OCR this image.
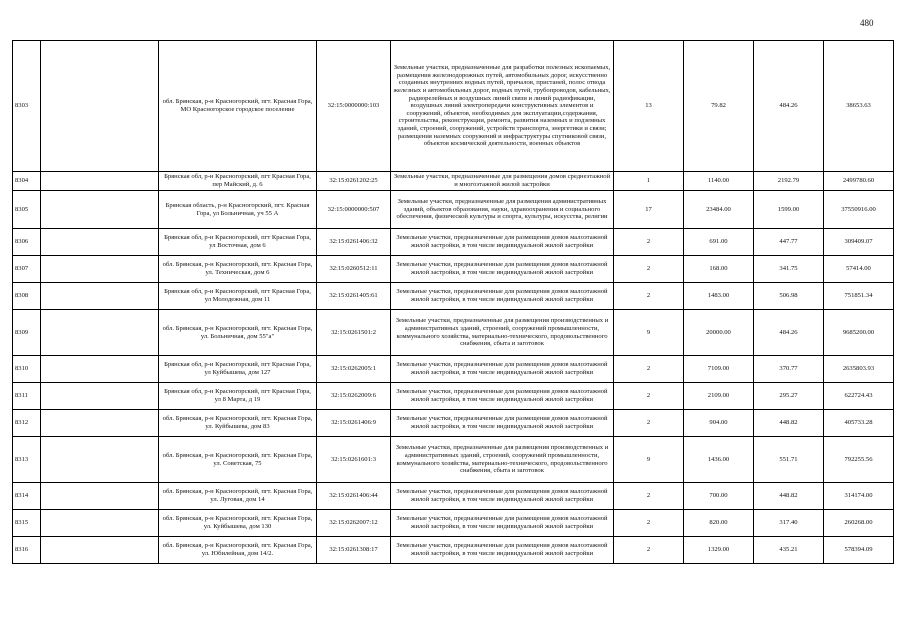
480
8303		обл. Брянская, р-н Красногорский, пгт. Красная Гора, МО Красногорское городское поселение	32:15:0000000:103	Земельные участки, предназначенные для разработки полезных ископаемых, размещения железнодорожных путей, автомобильных дорог, искусственно созданных внутренних водных путей, причалов, пристаней, полос отвода железных и автомобильных дорог, водных путей, трубопроводов, кабельных, радиорелейных и воздушных линий связи и линий радиофикации, воздушных линий электропередачи конструктивных элементов и сооружений, объектов, необходимых для эксплуатации,содержания, строительства, реконструкции, ремонта, развития наземных и подземных зданий, строений, сооружений, устройств транспорта, энергетики и связи; размещения наземных сооружений и инфраструктуры спутниковой связи, объектов космической деятельности, военных объектов	13	79.82	484.26	38653.63
8304		Брянская обл, р-н Красногорский, пгт Красная Гора, пер Майский, д. 6	32:15:0261202:25	Земельные участки, предназначенные для размещения домов среднеэтажной и многоэтажной жилой застройки	1	1140.00	2192.79	2499780.60
8305		Брянская область, р-н Красногорский, пгт. Красная Гора, ул Больничная, уч 55 А	32:15:0000000:507	Земельные участки, предназначенные для размещения административных зданий, объектов образования, науки, здравоохранения и социального обеспечения, физической культуры и спорта, культуры, искусства, религии	17	23484.00	1599.00	37550916.00
8306		Брянская обл, р-н Красногорский, пгт Красная Гора, ул Восточная, дом 6	32:15:0261406:32	Земельные участки, предназначенные для размещения домов малоэтажной жилой застройки, в том числе индивидуальной жилой застройки	2	691.00	447.77	309409.07
8307		обл. Брянская, р-н Красногорский, пгт. Красная Гора, ул. Техническая, дом 6	32:15:0260512:11	Земельные участки, предназначенные для размещения домов малоэтажной жилой застройки, в том числе индивидуальной жилой застройки	2	168.00	341.75	57414.00
8308		Брянская обл, р-н Красногорский, пгт Красная Гора, ул Молодежная, дом 11	32:15:0261405:61	Земельные участки, предназначенные для размещения домов малоэтажной жилой застройки, в том числе индивидуальной жилой застройки	2	1483.00	506.98	751851.34
8309		обл. Брянская, р-н Красногорский, пгт. Красная Гора, ул. Больничная, дом 55"а"	32:15:0261501:2	Земельные участки, предназначенные для размещения производственных и административных зданий, строений, сооружений промышленности, коммунального хозяйства, материально-технического, продовольственного снабжения, сбыта и заготовок	9	20000.00	484.26	9685200.00
8310		Брянская обл, р-н Красногорский, пгт Красная Гора, ул Куйбышева, дом 127	32:15:0262005:1	Земельные участки, предназначенные для размещения домов малоэтажной жилой застройки, в том числе индивидуальной жилой застройки	2	7109.00	370.77	2635803.93
8311		Брянская обл, р-н Красногорский, пгт Красная Гора, ул 8 Марта, д 19	32:15:0262009:6	Земельные участки, предназначенные для размещения домов малоэтажной жилой застройки, в том числе индивидуальной жилой застройки	2	2109.00	295.27	622724.43
8312		обл. Брянская, р-н Красногорский, пгт. Красная Гора, ул. Куйбышева, дом 83	32:15:0261406:9	Земельные участки, предназначенные для размещения домов малоэтажной жилой застройки, в том числе индивидуальной жилой застройки	2	904.00	448.82	405733.28
8313		обл. Брянская, р-н Красногорский, пгт. Красная Гора, ул. Советская, 75	32:15:0261601:3	Земельные участки, предназначенные для размещения производственных и административных зданий, строений, сооружений промышленности, коммунального хозяйства, материально-технического, продовольственного снабжения, сбыта и заготовок	9	1436.00	551.71	792255.56
8314		обл. Брянская, р-н Красногорский, пгт. Красная Гора, ул. Луговая, дом 14	32:15:0261406:44	Земельные участки, предназначенные для размещения домов малоэтажной жилой застройки, в том числе индивидуальной жилой застройки	2	700.00	448.82	314174.00
8315		обл. Брянская, р-н Красногорский, пгт. Красная Гора, ул. Куйбышева, дом 130	32:15:0262007:12	Земельные участки, предназначенные для размещения домов малоэтажной жилой застройки, в том числе индивидуальной жилой застройки	2	820.00	317.40	260268.00
8316		обл. Брянская, р-н Красногорский, пгт. Красная Гора, ул. Юбилейная, дом 14/2.	32:15:0261308:17	Земельные участки, предназначенные для размещения домов малоэтажной жилой застройки, в том числе индивидуальной жилой застройки	2	1329.00	435.21	578394.09
